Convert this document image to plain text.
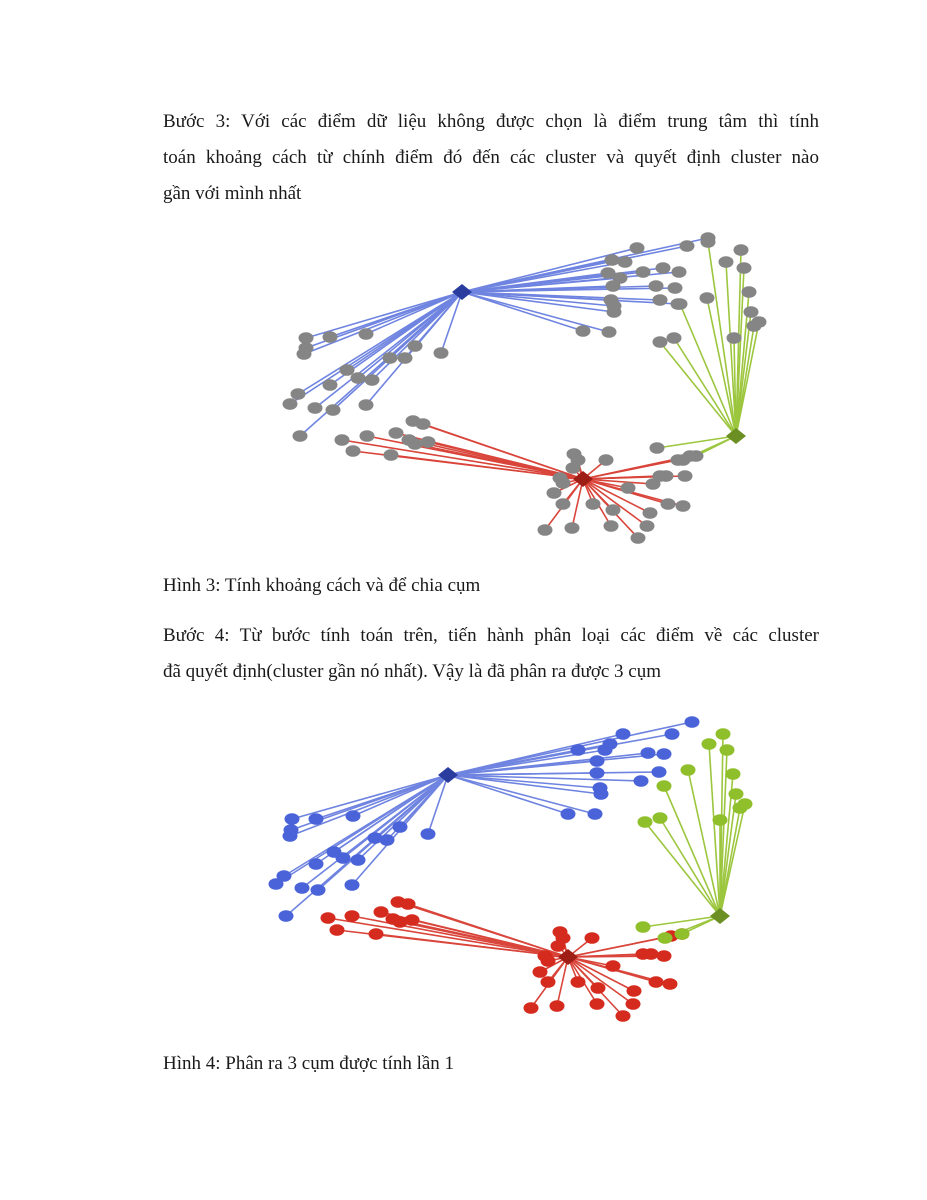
Bước 3: Với các điểm dữ liệu không được chọn là điểm trung tâm thì tính
toán khoảng cách từ chính điểm đó đến các cluster và quyết định cluster nào
gần với mình nhất

Hình 3: Tính khoảng cách và để chia cụm

Bước 4: Từ bước tính toán trên, tiến hành phân loại các điểm về các cluster
đã quyết định(cluster gần nó nhất). Vậy là đã phân ra được 3 cụm

Hình 4: Phân ra 3 cụm được tính lần 1
